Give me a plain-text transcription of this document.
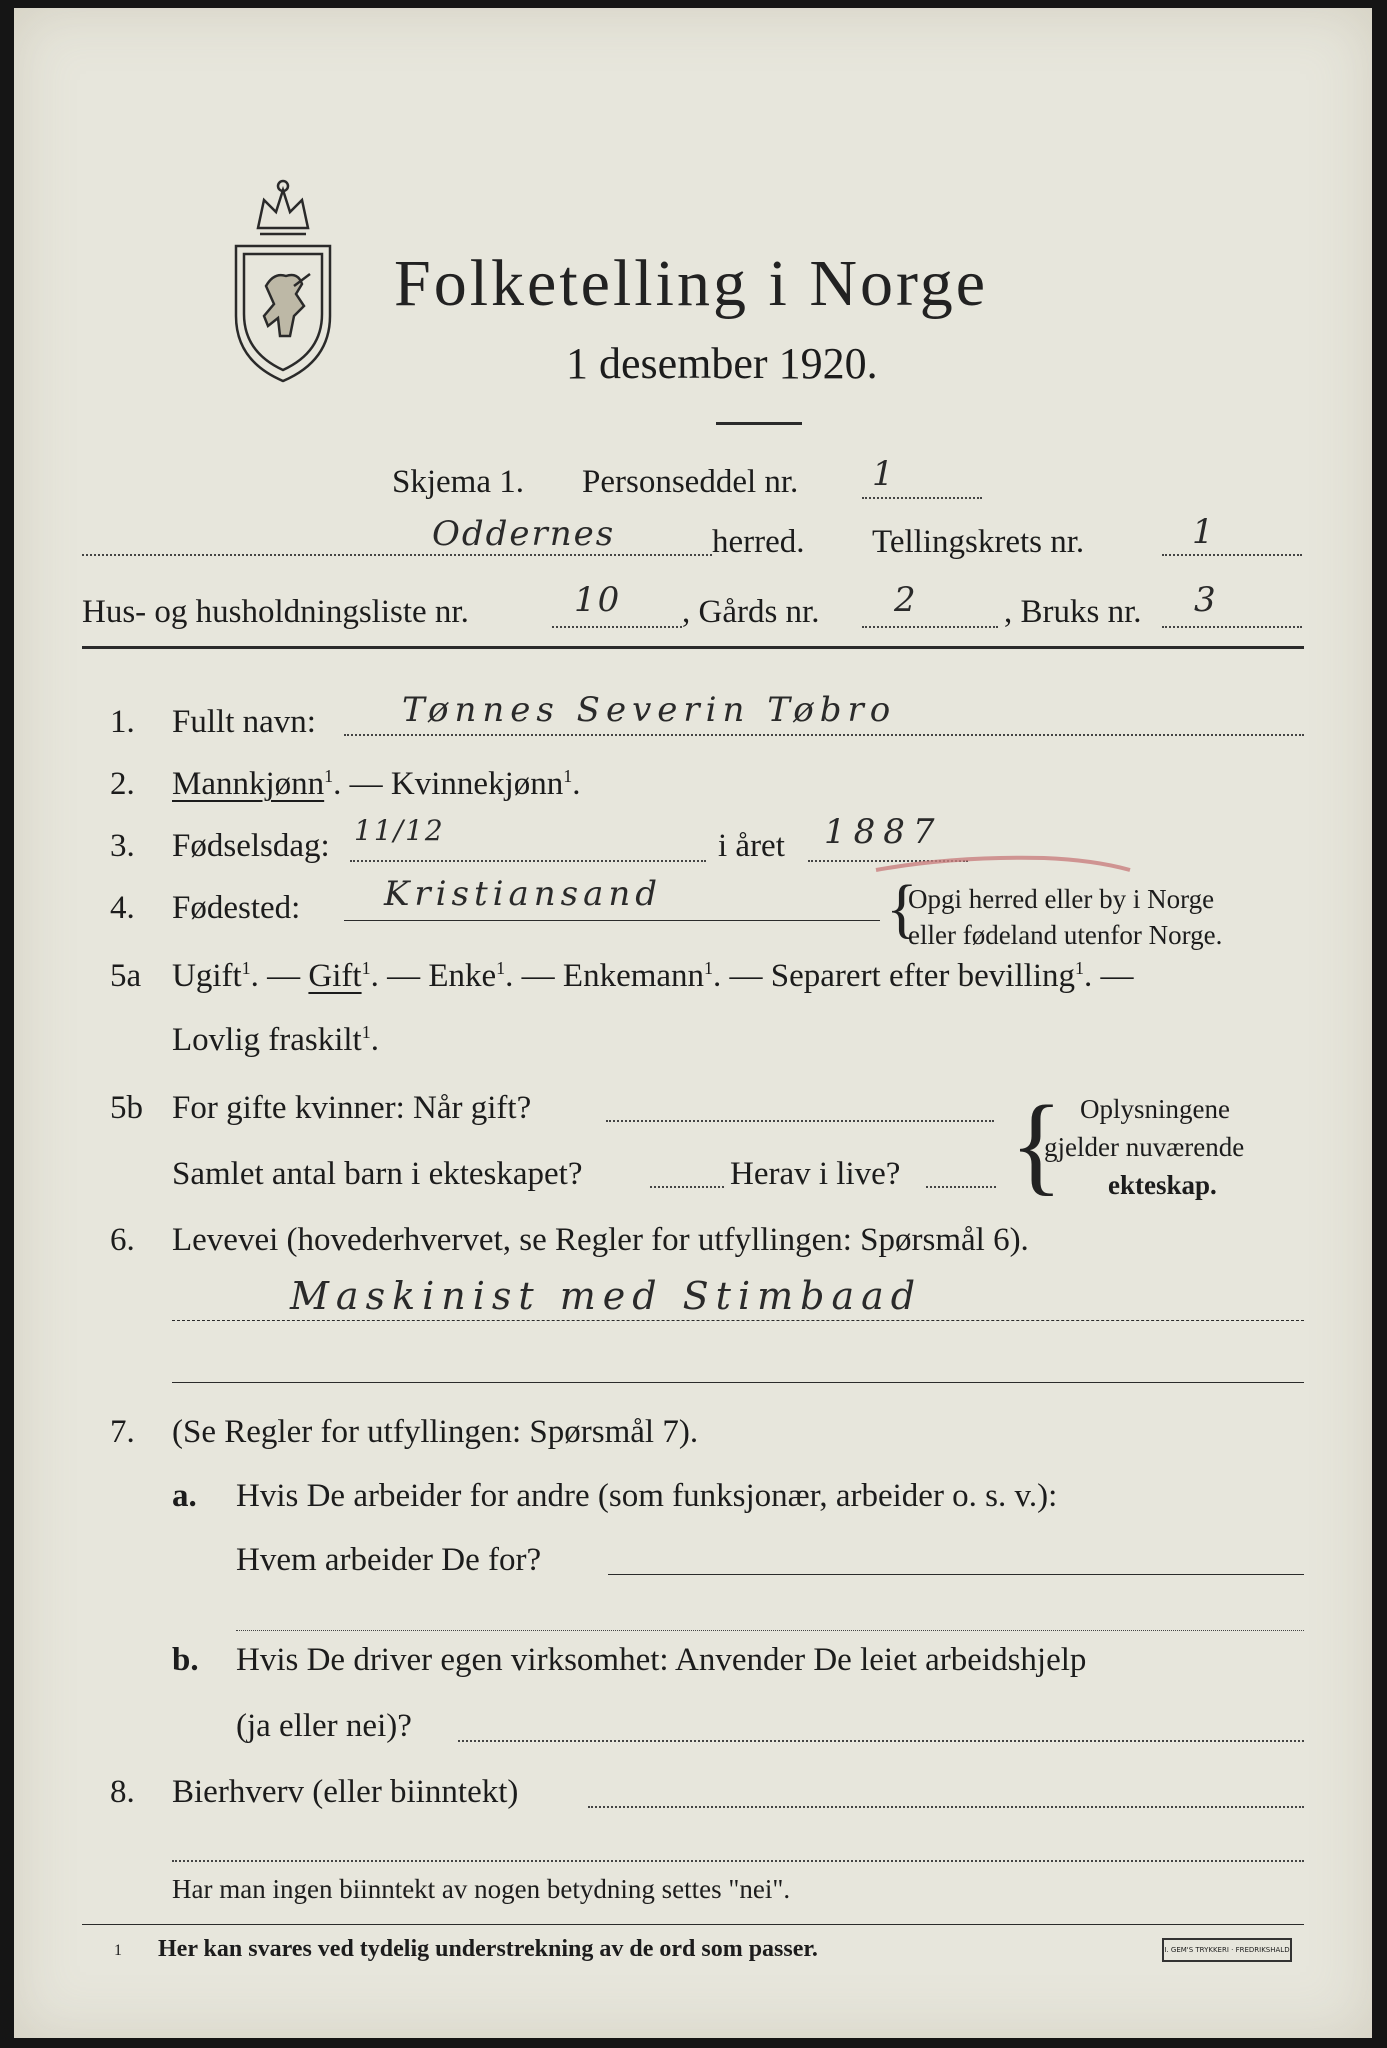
Folketelling i Norge
1 desember 1920.
Skjema 1. Personseddel nr. 1
Oddernes	herred. Tellingskrets nr.	1
Hus- og husholdningsliste nr.	10 , Gårds nr. 2	, Bruks nr. 3
1. Fullt navn:	Tønnes Severin Tøbro
2. Mannkjønn$^1$. — Kvinnekjønn$^1$.
3. Fødselsdag: 11/12	i året 1887
4. Fødested: Kristiansand	{
Opgi herred eller by i Norge
eller fødeland utenfor Norge.
5a Ugift$^1$. — Gift$^1$. — Enke$^1$. — Enkemann$^1$. — Separert efter bevilling$^1$. —
Lovlig fraskilt$^1$.
5b For gifte kvinner: Når gift?
Samlet antal barn i ekteskapet?	Herav i live? { Oplysningene
gjelder nuværende
ekteskap.
6. Levevei (hovederhvervet, se Regler for utfyllingen: Spørsmål 6).
Maskinist med Stimbaad
7. (Se Regler for utfyllingen: Spørsmål 7).
a. Hvis De arbeider for andre (som funksjonær, arbeider o. s. v.):
Hvem arbeider De for?
b. Hvis De driver egen virksomhet: Anvender De leiet arbeidshjelp
(ja eller nei)?
8. Bierhverv (eller biinntekt)
Har man ingen biinntekt av nogen betydning settes "nei".
1 Her kan svares ved tydelig understrekning av de ord som passer.	I. GEM'S TRYKKERI · FREDRIKSHALD
